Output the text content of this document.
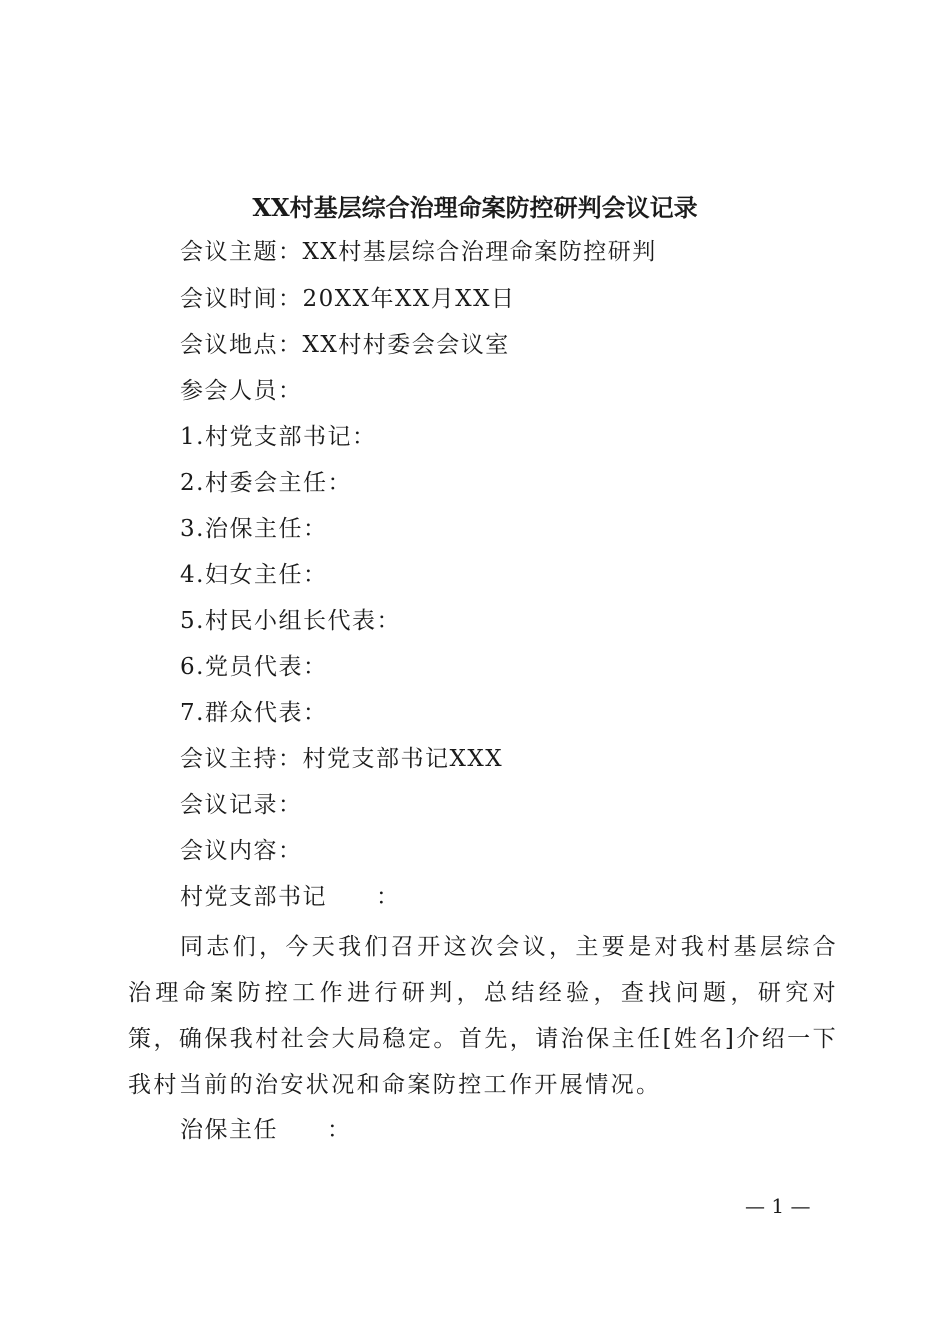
XX村基层综合治理命案防控研判会议记录
会议主题：XX村基层综合治理命案防控研判
会议时间：20XX年XX月XX日
会议地点：XX村村委会会议室
参会人员：
1.村党支部书记：
2.村委会主任：
3.治保主任：
4.妇女主任：
5.村民小组长代表：
6.党员代表：
7.群众代表：
会议主持：村党支部书记XXX
会议记录：
会议内容：
村党支部书记　　：
同志们，今天我们召开这次会议，主要是对我村基层综合治理命案防控工作进行研判，总结经验，查找问题，研究对策，确保我村社会大局稳定。首先，请治保主任[姓名]介绍一下我村当前的治安状况和命案防控工作开展情况。
治保主任　　：
— 1 —
